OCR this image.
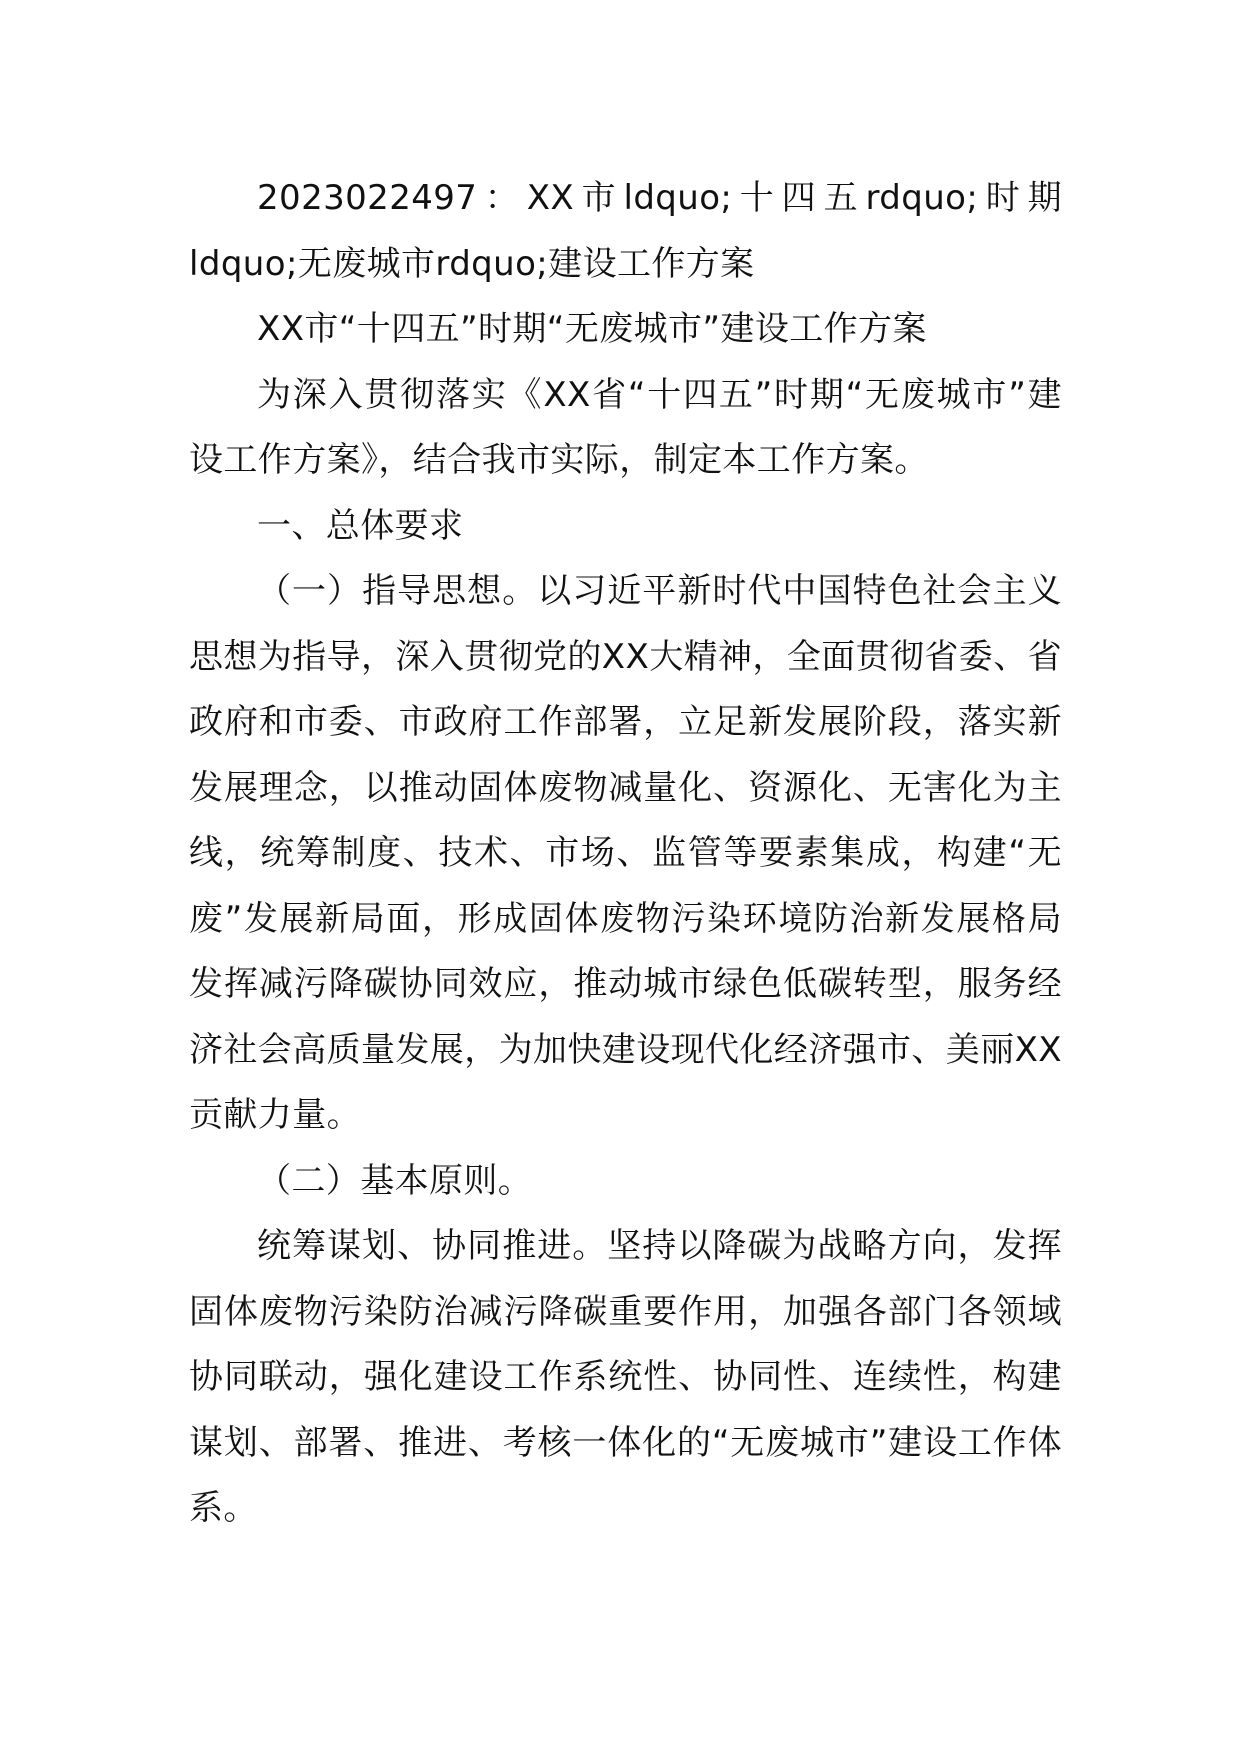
2023022497：XX市ldquo;十四五rdquo;时期ldquo;无废城市rdquo;建设工作方案

XX市“十四五”时期“无废城市”建设工作方案

为深入贯彻落实《XX省“十四五”时期“无废城市”建设工作方案》，结合我市实际，制定本工作方案。

一、总体要求

（一）指导思想。以习近平新时代中国特色社会主义思想为指导，深入贯彻党的XX大精神，全面贯彻省委、省政府和市委、市政府工作部署，立足新发展阶段，落实新发展理念，以推动固体废物减量化、资源化、无害化为主线，统筹制度、技术、市场、监管等要素集成，构建“无废”发展新局面，形成固体废物污染环境防治新发展格局发挥减污降碳协同效应，推动城市绿色低碳转型，服务经济社会高质量发展，为加快建设现代化经济强市、美丽XX贡献力量。

（二）基本原则。

统筹谋划、协同推进。坚持以降碳为战略方向，发挥固体废物污染防治减污降碳重要作用，加强各部门各领域协同联动，强化建设工作系统性、协同性、连续性，构建谋划、部署、推进、考核一体化的“无废城市”建设工作体系。
